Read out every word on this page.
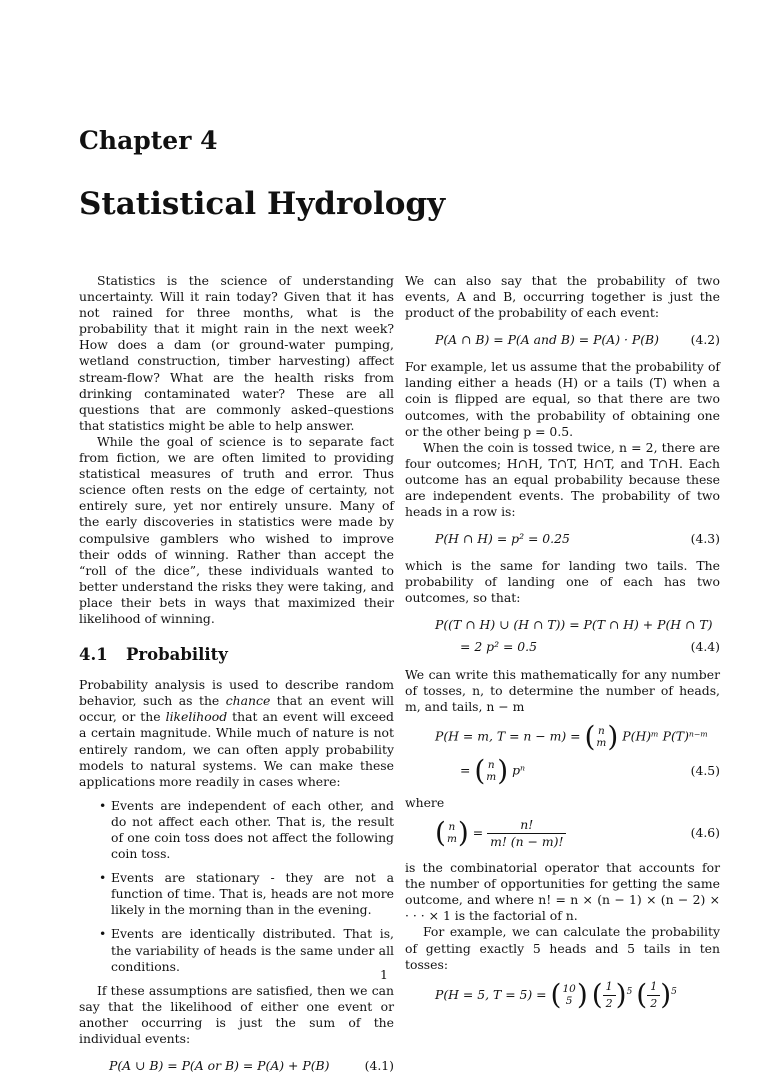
Chapter 4
Statistical Hydrology

Statistics is the science of understanding uncertainty. Will it rain today? Given that it has not rained for three months, what is the probability that it might rain in the next week? How does a dam (or ground-water pumping, wetland construction, timber harvesting) affect stream-flow? What are the health risks from drinking contaminated water? These are all questions that are commonly asked–questions that statistics might be able to help answer.

While the goal of science is to separate fact from fiction, we are often limited to providing statistical measures of truth and error. Thus science often rests on the edge of certainty, not entirely sure, yet nor entirely unsure. Many of the early discoveries in statistics were made by compulsive gamblers who wished to improve their odds of winning. Rather than accept the “roll of the dice”, these individuals wanted to better understand the risks they were taking, and place their bets in ways that maximized their likelihood of winning.

4.1 Probability

Probability analysis is used to describe random behavior, such as the chance that an event will occur, or the likelihood that an event will exceed a certain magnitude. While much of nature is not entirely random, we can often apply probability models to natural systems. We can make these applications more readily in cases where:

• Events are independent of each other, and do not affect each other. That is, the result of one coin toss does not affect the following coin toss.
• Events are stationary - they are not a function of time. That is, heads are not more likely in the morning than in the evening.
• Events are identically distributed. That is, the variability of heads is the same under all conditions.

If these assumptions are satisfied, then we can say that the likelihood of either one event or another occurring is just the sum of the individual events:

P(A ∪ B) = P(A or B) = P(A) + P(B)	(4.1)

We can also say that the probability of two events, A and B, occurring together is just the product of the probability of each event:

P(A ∩ B) = P(A and B) = P(A) · P(B)	(4.2)

For example, let us assume that the probability of landing either a heads (H) or a tails (T) when a coin is flipped are equal, so that there are two outcomes, with the probability of obtaining one or the other being p = 0.5.

When the coin is tossed twice, n = 2, there are four outcomes; H∩H, T∩T, H∩T, and T∩H. Each outcome has an equal probability because these are independent events. The probability of two heads in a row is:

P(H ∩ H) = p² = 0.25	(4.3)

which is the same for landing two tails. The probability of landing one of each has two outcomes, so that:

P((T ∩ H) ∪ (H ∩ T)) = P(T ∩ H) + P(H ∩ T)
= 2 p² = 0.5	(4.4)

We can write this mathematically for any number of tosses, n, to determine the number of heads, m, and tails, n − m

P(H = m, T = n − m) = ( n
m ) P(H)ᵐ P(T)ⁿ⁻ᵐ
= ( n
m ) pⁿ	(4.5)

where

( n
m ) = $\frac{n!}{m! (n - m)!}$	(4.6)

is the combinatorial operator that accounts for the number of opportunities for getting the same outcome, and where n! = n × (n − 1) × (n − 2) × · · · × 1 is the factorial of n.

For example, we can calculate the probability of getting exactly 5 heads and 5 tails in ten tosses:

P(H = 5, T = 5) = ( 10
5 )
( $\frac{1}{2}$ ) $^5$ ( $\frac{1}{2}$ ) $^5$
1
